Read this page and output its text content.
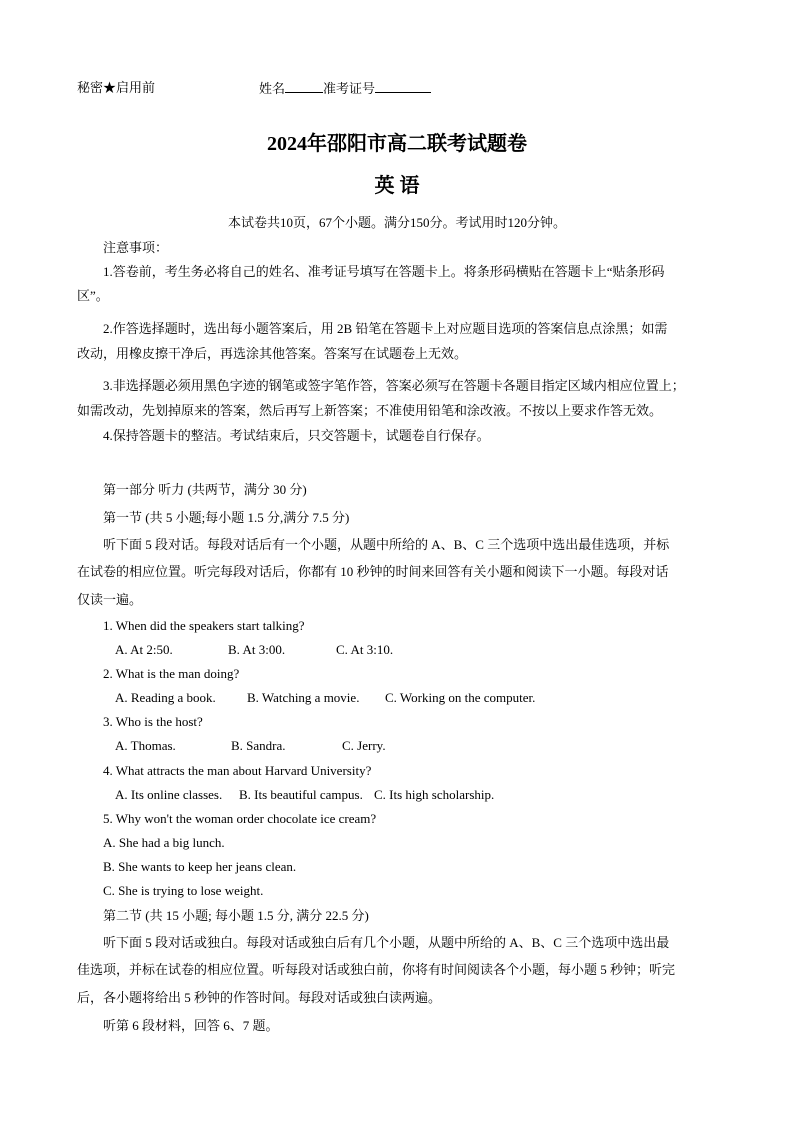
秘密★启用前	姓名	准考证号
2024年邵阳市高二联考试题卷
英 语
本试卷共10页，67个小题。满分150分。考试用时120分钟。
注意事项：
1.答卷前，考生务必将自己的姓名、准考证号填写在答题卡上。将条形码横贴在答题卡上“贴条形码
区”。
2.作答选择题时，选出每小题答案后，用 2B 铅笔在答题卡上对应题目选项的答案信息点涂黑；如需
改动，用橡皮擦干净后，再选涂其他答案。答案写在试题卷上无效。
3.非选择题必须用黑色字迹的钢笔或签字笔作答，答案必须写在答题卡各题目指定区域内相应位置上；
如需改动，先划掉原来的答案，然后再写上新答案；不准使用铅笔和涂改液。不按以上要求作答无效。
4.保持答题卡的整洁。考试结束后，只交答题卡，试题卷自行保存。
第一部分 听力 (共两节，满分 30 分)
第一节 (共 5 小题;每小题 1.5 分,满分 7.5 分)
听下面 5 段对话。每段对话后有一个小题，从题中所给的 A、B、C 三个选项中选出最佳选项，并标
在试卷的相应位置。听完每段对话后，你都有 10 秒钟的时间来回答有关小题和阅读下一小题。每段对话
仅读一遍。
1. When did the speakers start talking?
A. At 2:50.	B. At 3:00.	C. At 3:10.
2. What is the man doing?
A. Reading a book. B. Watching a movie. C. Working on the computer.
3. Who is the host?
A. Thomas.	B. Sandra.	C. Jerry.
4. What attracts the man about Harvard University?
A. Its online classes. B. Its beautiful campus. C. Its high scholarship.
5. Why won't the woman order chocolate ice cream?
A. She had a big lunch.
B. She wants to keep her jeans clean.
C. She is trying to lose weight.
第二节 (共 15 小题; 每小题 1.5 分, 满分 22.5 分)
听下面 5 段对话或独白。每段对话或独白后有几个小题，从题中所给的 A、B、C 三个选项中选出最
佳选项，并标在试卷的相应位置。听每段对话或独白前，你将有时间阅读各个小题，每小题 5 秒钟；听完
后，各小题将给出 5 秒钟的作答时间。每段对话或独白读两遍。
听第 6 段材料，回答 6、7 题。
